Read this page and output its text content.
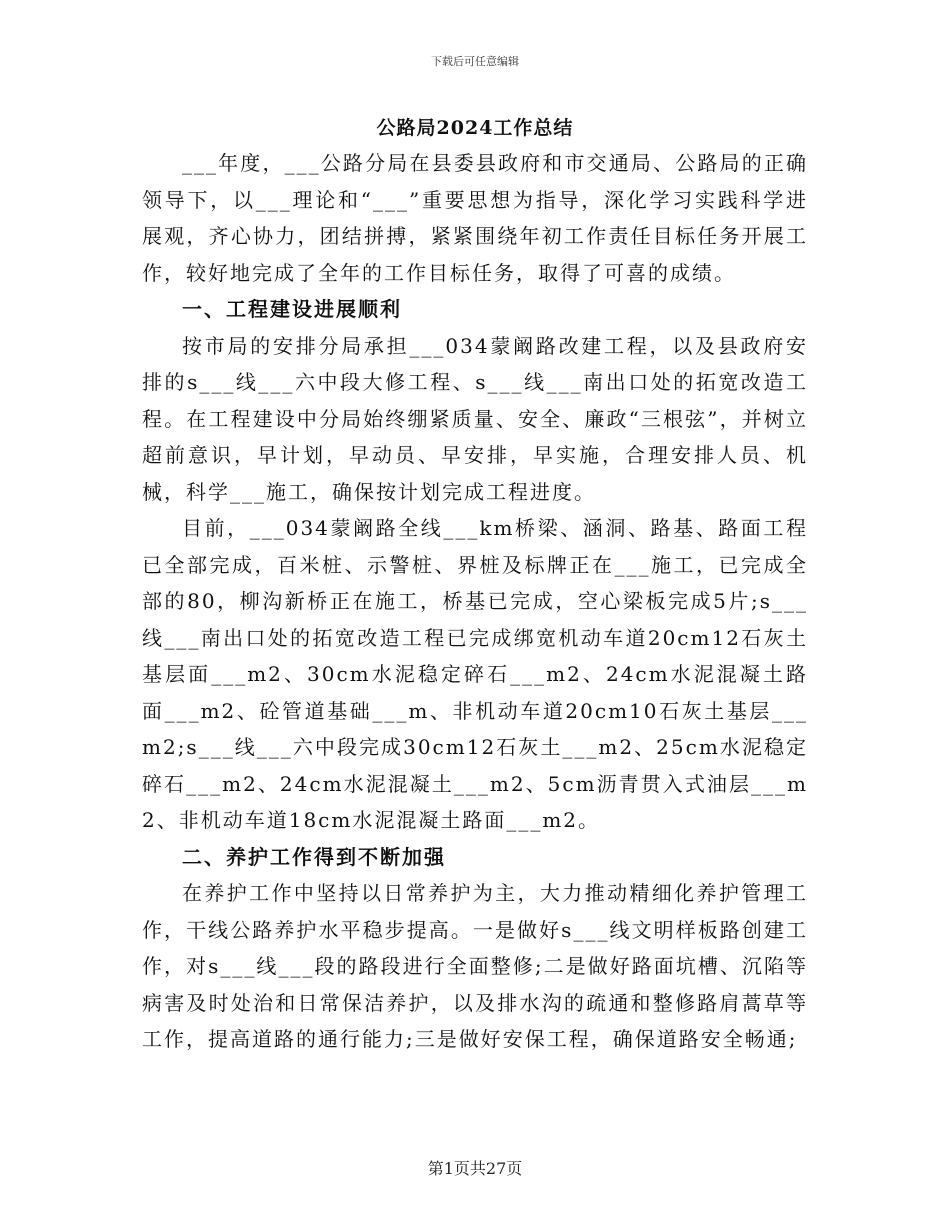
下载后可任意编辑
公路局2024工作总结

___年度，___公路分局在县委县政府和市交通局、公路局的正确领导下，以___理论和“___”重要思想为指导，深化学习实践科学进展观，齐心协力，团结拼搏，紧紧围绕年初工作责任目标任务开展工作，较好地完成了全年的工作目标任务，取得了可喜的成绩。

一、工程建设进展顺利

按市局的安排分局承担___034蒙阚路改建工程，以及县政府安排的s___线___六中段大修工程、s___线___南出口处的拓宽改造工程。在工程建设中分局始终绷紧质量、安全、廉政“三根弦”，并树立超前意识，早计划，早动员、早安排，早实施，合理安排人员、机械，科学___施工，确保按计划完成工程进度。

目前，___034蒙阚路全线___km桥梁、涵洞、路基、路面工程已全部完成，百米桩、示警桩、界桩及标牌正在___施工，已完成全部的80，柳沟新桥正在施工，桥基已完成，空心梁板完成5片;s___线___南出口处的拓宽改造工程已完成绑宽机动车道20cm12石灰土基层面___m2、30cm水泥稳定碎石___m2、24cm水泥混凝土路面___m2、砼管道基础___m、非机动车道20cm10石灰土基层___m2;s___线___六中段完成30cm12石灰土___m2、25cm水泥稳定碎石___m2、24cm水泥混凝土___m2、5cm沥青贯入式油层___m2、非机动车道18cm水泥混凝土路面___m2。

二、养护工作得到不断加强

在养护工作中坚持以日常养护为主，大力推动精细化养护管理工作，干线公路养护水平稳步提高。一是做好s___线文明样板路创建工作，对s___线___段的路段进行全面整修;二是做好路面坑槽、沉陷等病害及时处治和日常保洁养护，以及排水沟的疏通和整修路肩蒿草等工作，提高道路的通行能力;三是做好安保工程，确保道路安全畅通;

第1页共27页
